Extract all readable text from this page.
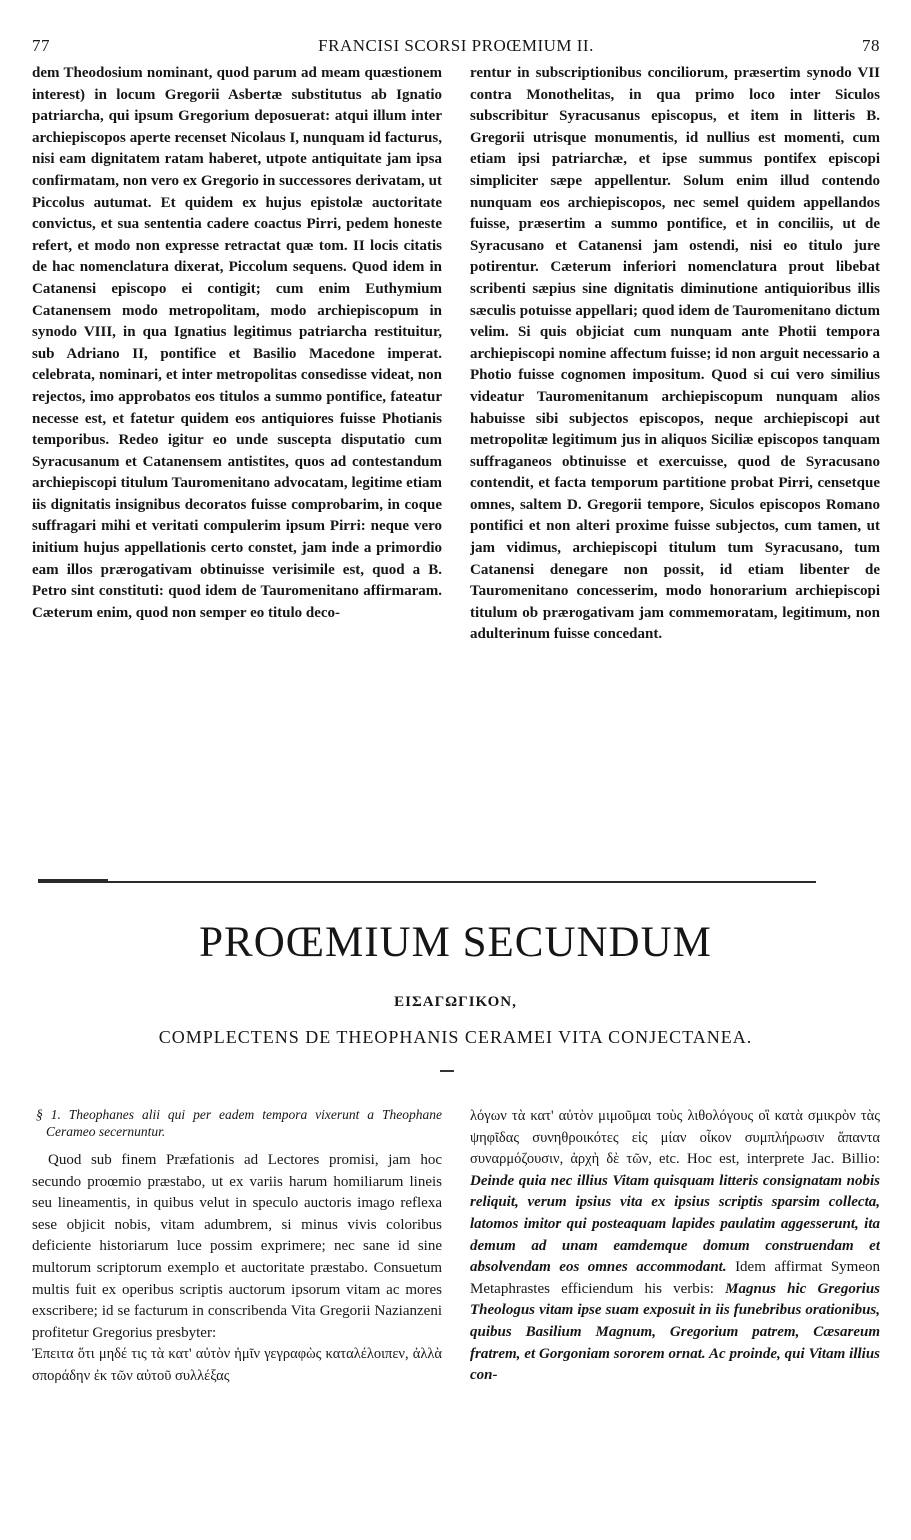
77	FRANCISI SCORSI PROŒMIUM II.	78

dem Theodosium nominant, quod parum ad meam quæstionem interest) in locum Gregorii Asbertæ substitutus ab Ignatio patriarcha, qui ipsum Gregorium deposuerat: atqui illum inter archiepiscopos aperte recenset Nicolaus I, nunquam id facturus, nisi eam dignitatem ratam haberet, utpote antiquitate jam ipsa confirmatam, non vero ex Gregorio in successores derivatam, ut Piccolus autumat. Et quidem ex hujus epistolæ auctoritate convictus, et sua sententia cadere coactus Pirri, pedem honeste refert, et modo non expresse retractat quæ tom. II locis citatis de hac nomenclatura dixerat, Piccolum sequens. Quod idem in Catanensi episcopo ei contigit; cum enim Euthymium Catanensem modo metropolitam, modo archiepiscopum in synodo VIII, in qua Ignatius legitimus patriarcha restituitur, sub Adriano II, pontifice et Basilio Macedone imperat. celebrata, nominari, et inter metropolitas consedisse videat, non rejectos, imo approbatos eos titulos a summo pontifice, fateatur necesse est, et fatetur quidem eos antiquiores fuisse Photianis temporibus. Redeo igitur eo unde suscepta disputatio cum Syracusanum et Catanensem antistites, quos ad contestandum archiepiscopi titulum Tauromenitano advocatam, legitime etiam iis dignitatis insignibus decoratos fuisse comprobarim, in coque suffragari mihi et veritati compulerim ipsum Pirri: neque vero initium hujus appellationis certo constet, jam inde a primordio eam illos prærogativam obtinuisse verisimile est, quod a B. Petro sint constituti: quod idem de Tauromenitano affirmaram. Cæterum enim, quod non semper eo titulo deco-

rentur in subscriptionibus conciliorum, præsertim synodo VII contra Monothelitas, in qua primo loco inter Siculos subscribitur Syracusanus episcopus, et item in litteris B. Gregorii utrisque monumentis, id nullius est momenti, cum etiam ipsi patriarchæ, et ipse summus pontifex episcopi simpliciter sæpe appellentur. Solum enim illud contendo nunquam eos archiepiscopos, nec semel quidem appellandos fuisse, præsertim a summo pontifice, et in conciliis, ut de Syracusano et Catanensi jam ostendi, nisi eo titulo jure potirentur. Cæterum inferiori nomenclatura prout libebat scribenti sæpius sine dignitatis diminutione antiquioribus illis sæculis potuisse appellari; quod idem de Tauromenitano dictum velim. Si quis objiciat cum nunquam ante Photii tempora archiepiscopi nomine affectum fuisse; id non arguit necessario a Photio fuisse cognomen impositum. Quod si cui vero similius videatur Tauromenitanum archiepiscopum nunquam alios habuisse sibi subjectos episcopos, neque archiepiscopi aut metropolitæ legitimum jus in aliquos Siciliæ episcopos tanquam suffraganeos obtinuisse et exercuisse, quod de Syracusano contendit, et facta temporum partitione probat Pirri, censetque omnes, saltem D. Gregorii tempore, Siculos episcopos Romano pontifici et non alteri proxime fuisse subjectos, cum tamen, ut jam vidimus, archiepiscopi titulum tum Syracusano, tum Catanensi denegare non possit, id etiam libenter de Tauromenitano concesserim, modo honorarium archiepiscopi titulum ob prærogativam jam commemoratam, legitimum, non adulterinum fuisse concedant.

PROŒMIUM SECUNDUM
ΕΙΣΑΓΩΓΙΚΟΝ,
COMPLECTENS DE THEOPHANIS CERAMEI VITA CONJECTANEA.

§ 1. Theophanes alii qui per eadem tempora vixerunt a Theophane Cerameo secernuntur.

Quod sub finem Præfationis ad Lectores promisi, jam hoc secundo proœmio præstabo, ut ex variis harum homiliarum lineis seu lineamentis, in quibus velut in speculo auctoris imago reflexa sese objicit nobis, vitam adumbrem, si minus vivis coloribus deficiente historiarum luce possim exprimere; nec sane id sine multorum scriptorum exemplo et auctoritate præstabo. Consuetum multis fuit ex operibus scriptis auctorum ipsorum vitam ac mores exscribere; id se facturum in conscribenda Vita Gregorii Nazianzeni profitetur Gregorius presbyter:

Ἐπειτα ὅτι μηδέ τις τὰ κατ' αὐτὸν ἡμῖν γεγραφὼς καταλέλοιπεν, ἀλλὰ σποράδην ἐκ τῶν αὐτοῦ συλλέξας

λόγων τὰ κατ' αὐτὸν μιμοῦμαι τοὺς λιθολόγους οἳ κατὰ σμικρὸν τὰς ψηφῖδας συνηθροικότες εἰς μίαν οἶκον συμπλήρωσιν ἅπαντα συναρμόζουσιν, ἀρχὴ δὲ τῶν, etc. Hoc est, interprete Jac. Billio: Deinde quia nec illius Vitam quisquam litteris consignatam nobis reliquit, verum ipsius vita ex ipsius scriptis sparsim collecta, latomos imitor qui posteaquam lapides paulatim aggesserunt, ita demum ad unam eamdemque domum construendam et absolvendam eos omnes accommodant. Idem affirmat Symeon Metaphrastes efficiendum his verbis: Magnus hic Gregorius Theologus vitam ipse suam exposuit in iis funebribus orationibus, quibus Basilium Magnum, Gregorium patrem, Cæsareum fratrem, et Gorgoniam sororem ornat. Ac proinde, qui Vitam illius con-
